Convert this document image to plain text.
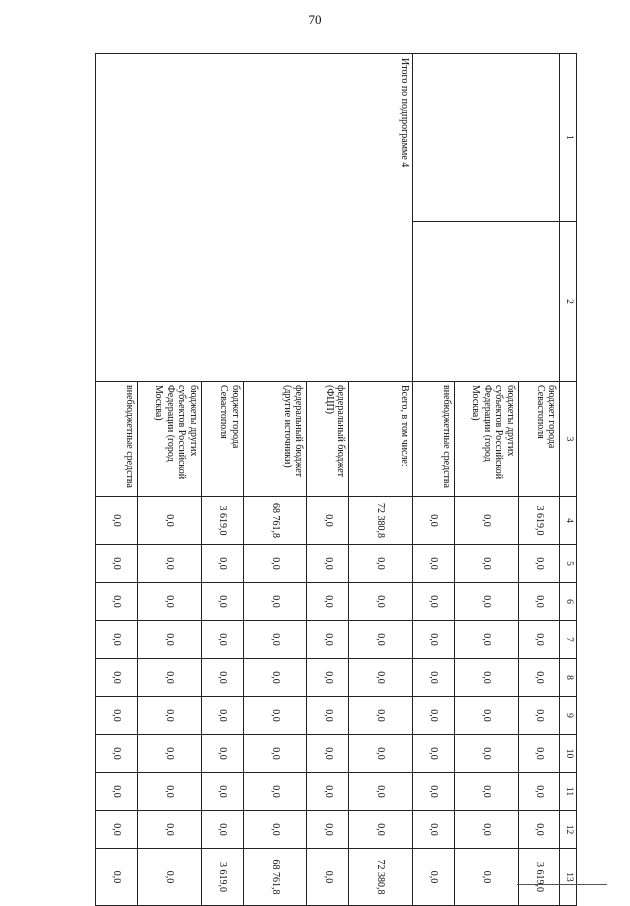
70
1	2	3	4	5	6	7	8	9	10	11	12	13
		бюджет города Севастополя	3 619,0	0,0	0,0	0,0	0,0	0,0	0,0	0,0	0,0	3 619,0
		бюджеты других субъектов Российской Федерации (город Москва)	0,0	0,0	0,0	0,0	0,0	0,0	0,0	0,0	0,0	0,0
		внебюджетные средства	0,0	0,0	0,0	0,0	0,0	0,0	0,0	0,0	0,0	0,0
Итого по подпрограмме 4		Всего, в том числе:	72 380,8	0,0	0,0	0,0	0,0	0,0	0,0	0,0	0,0	72 380,8
		федеральный бюджет (ФЦП)	0,0	0,0	0,0	0,0	0,0	0,0	0,0	0,0	0,0	0,0
		федеральный бюджет (другие источники)	68 761,8	0,0	0,0	0,0	0,0	0,0	0,0	0,0	0,0	68 761,8
		бюджет города Севастополя	3 619,0	0,0	0,0	0,0	0,0	0,0	0,0	0,0	0,0	3 619,0
		бюджеты других субъектов Российской Федерации (город Москва)	0,0	0,0	0,0	0,0	0,0	0,0	0,0	0,0	0,0	0,0
		внебюджетные средства	0,0	0,0	0,0	0,0	0,0	0,0	0,0	0,0	0,0	0,0
